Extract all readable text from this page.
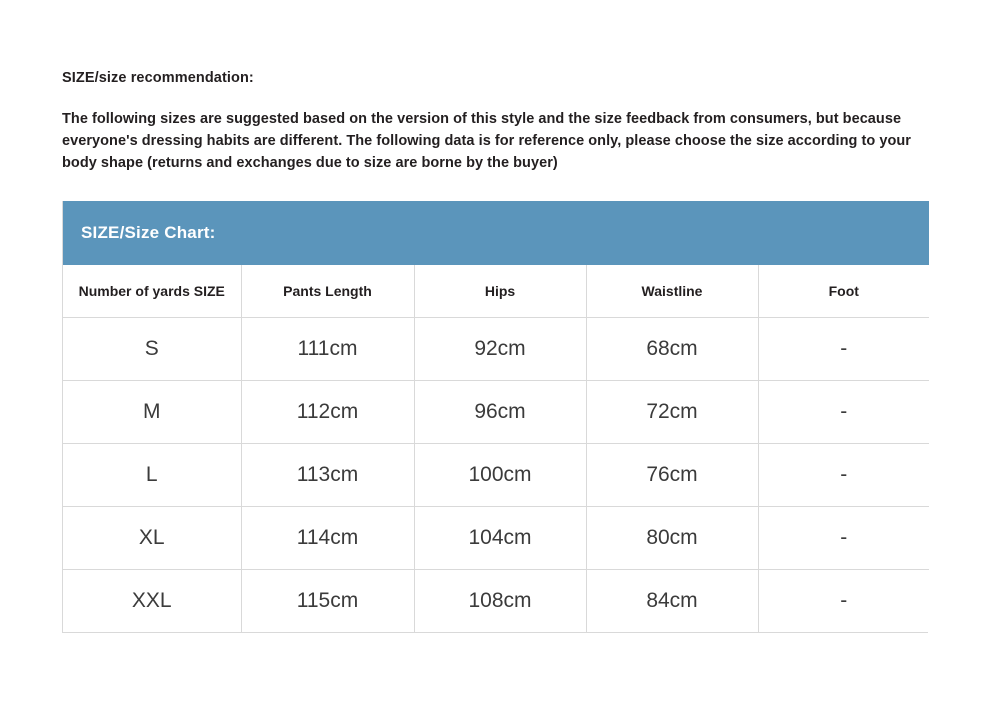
SIZE/size recommendation:
The following sizes are suggested based on the version of this style and the size feedback from consumers, but because everyone's dressing habits are different. The following data is for reference only, please choose the size according to your body shape (returns and exchanges due to size are borne by the buyer)
SIZE/Size Chart:				
Number of yards SIZE	Pants Length	Hips	Waistline	Foot
S	111cm	92cm	68cm	-
M	112cm	96cm	72cm	-
L	113cm	100cm	76cm	-
XL	114cm	104cm	80cm	-
XXL	115cm	108cm	84cm	-
